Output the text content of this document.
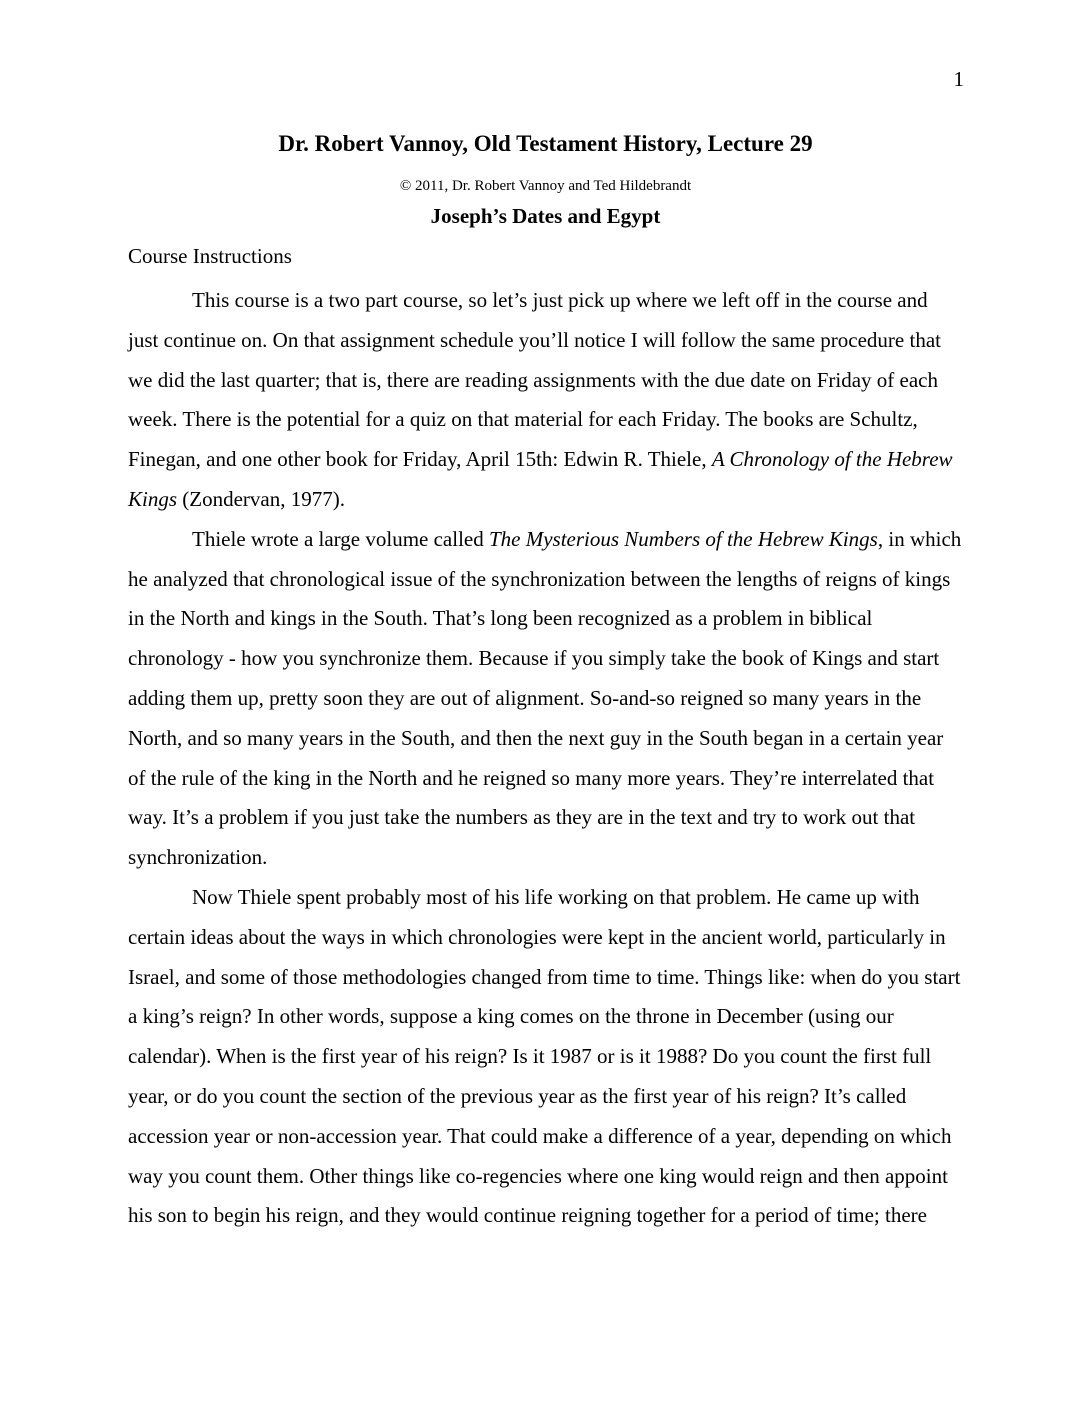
1
Dr. Robert Vannoy, Old Testament History, Lecture 29
© 2011, Dr. Robert Vannoy and Ted Hildebrandt
Joseph’s Dates and Egypt
Course Instructions

This course is a two part course, so let’s just pick up where we left off in the course and just continue on. On that assignment schedule you’ll notice I will follow the same procedure that we did the last quarter; that is, there are reading assignments with the due date on Friday of each week. There is the potential for a quiz on that material for each Friday. The books are Schultz, Finegan, and one other book for Friday, April 15th: Edwin R. Thiele, A Chronology of the Hebrew Kings (Zondervan, 1977).

Thiele wrote a large volume called The Mysterious Numbers of the Hebrew Kings, in which he analyzed that chronological issue of the synchronization between the lengths of reigns of kings in the North and kings in the South. That’s long been recognized as a problem in biblical chronology - how you synchronize them. Because if you simply take the book of Kings and start adding them up, pretty soon they are out of alignment. So-and-so reigned so many years in the North, and so many years in the South, and then the next guy in the South began in a certain year of the rule of the king in the North and he reigned so many more years. They’re interrelated that way. It’s a problem if you just take the numbers as they are in the text and try to work out that synchronization.

Now Thiele spent probably most of his life working on that problem. He came up with certain ideas about the ways in which chronologies were kept in the ancient world, particularly in Israel, and some of those methodologies changed from time to time. Things like: when do you start a king’s reign? In other words, suppose a king comes on the throne in December (using our calendar). When is the first year of his reign? Is it 1987 or is it 1988? Do you count the first full year, or do you count the section of the previous year as the first year of his reign? It’s called accession year or non-accession year. That could make a difference of a year, depending on which way you count them. Other things like co-regencies where one king would reign and then appoint his son to begin his reign, and they would continue reigning together for a period of time; there
